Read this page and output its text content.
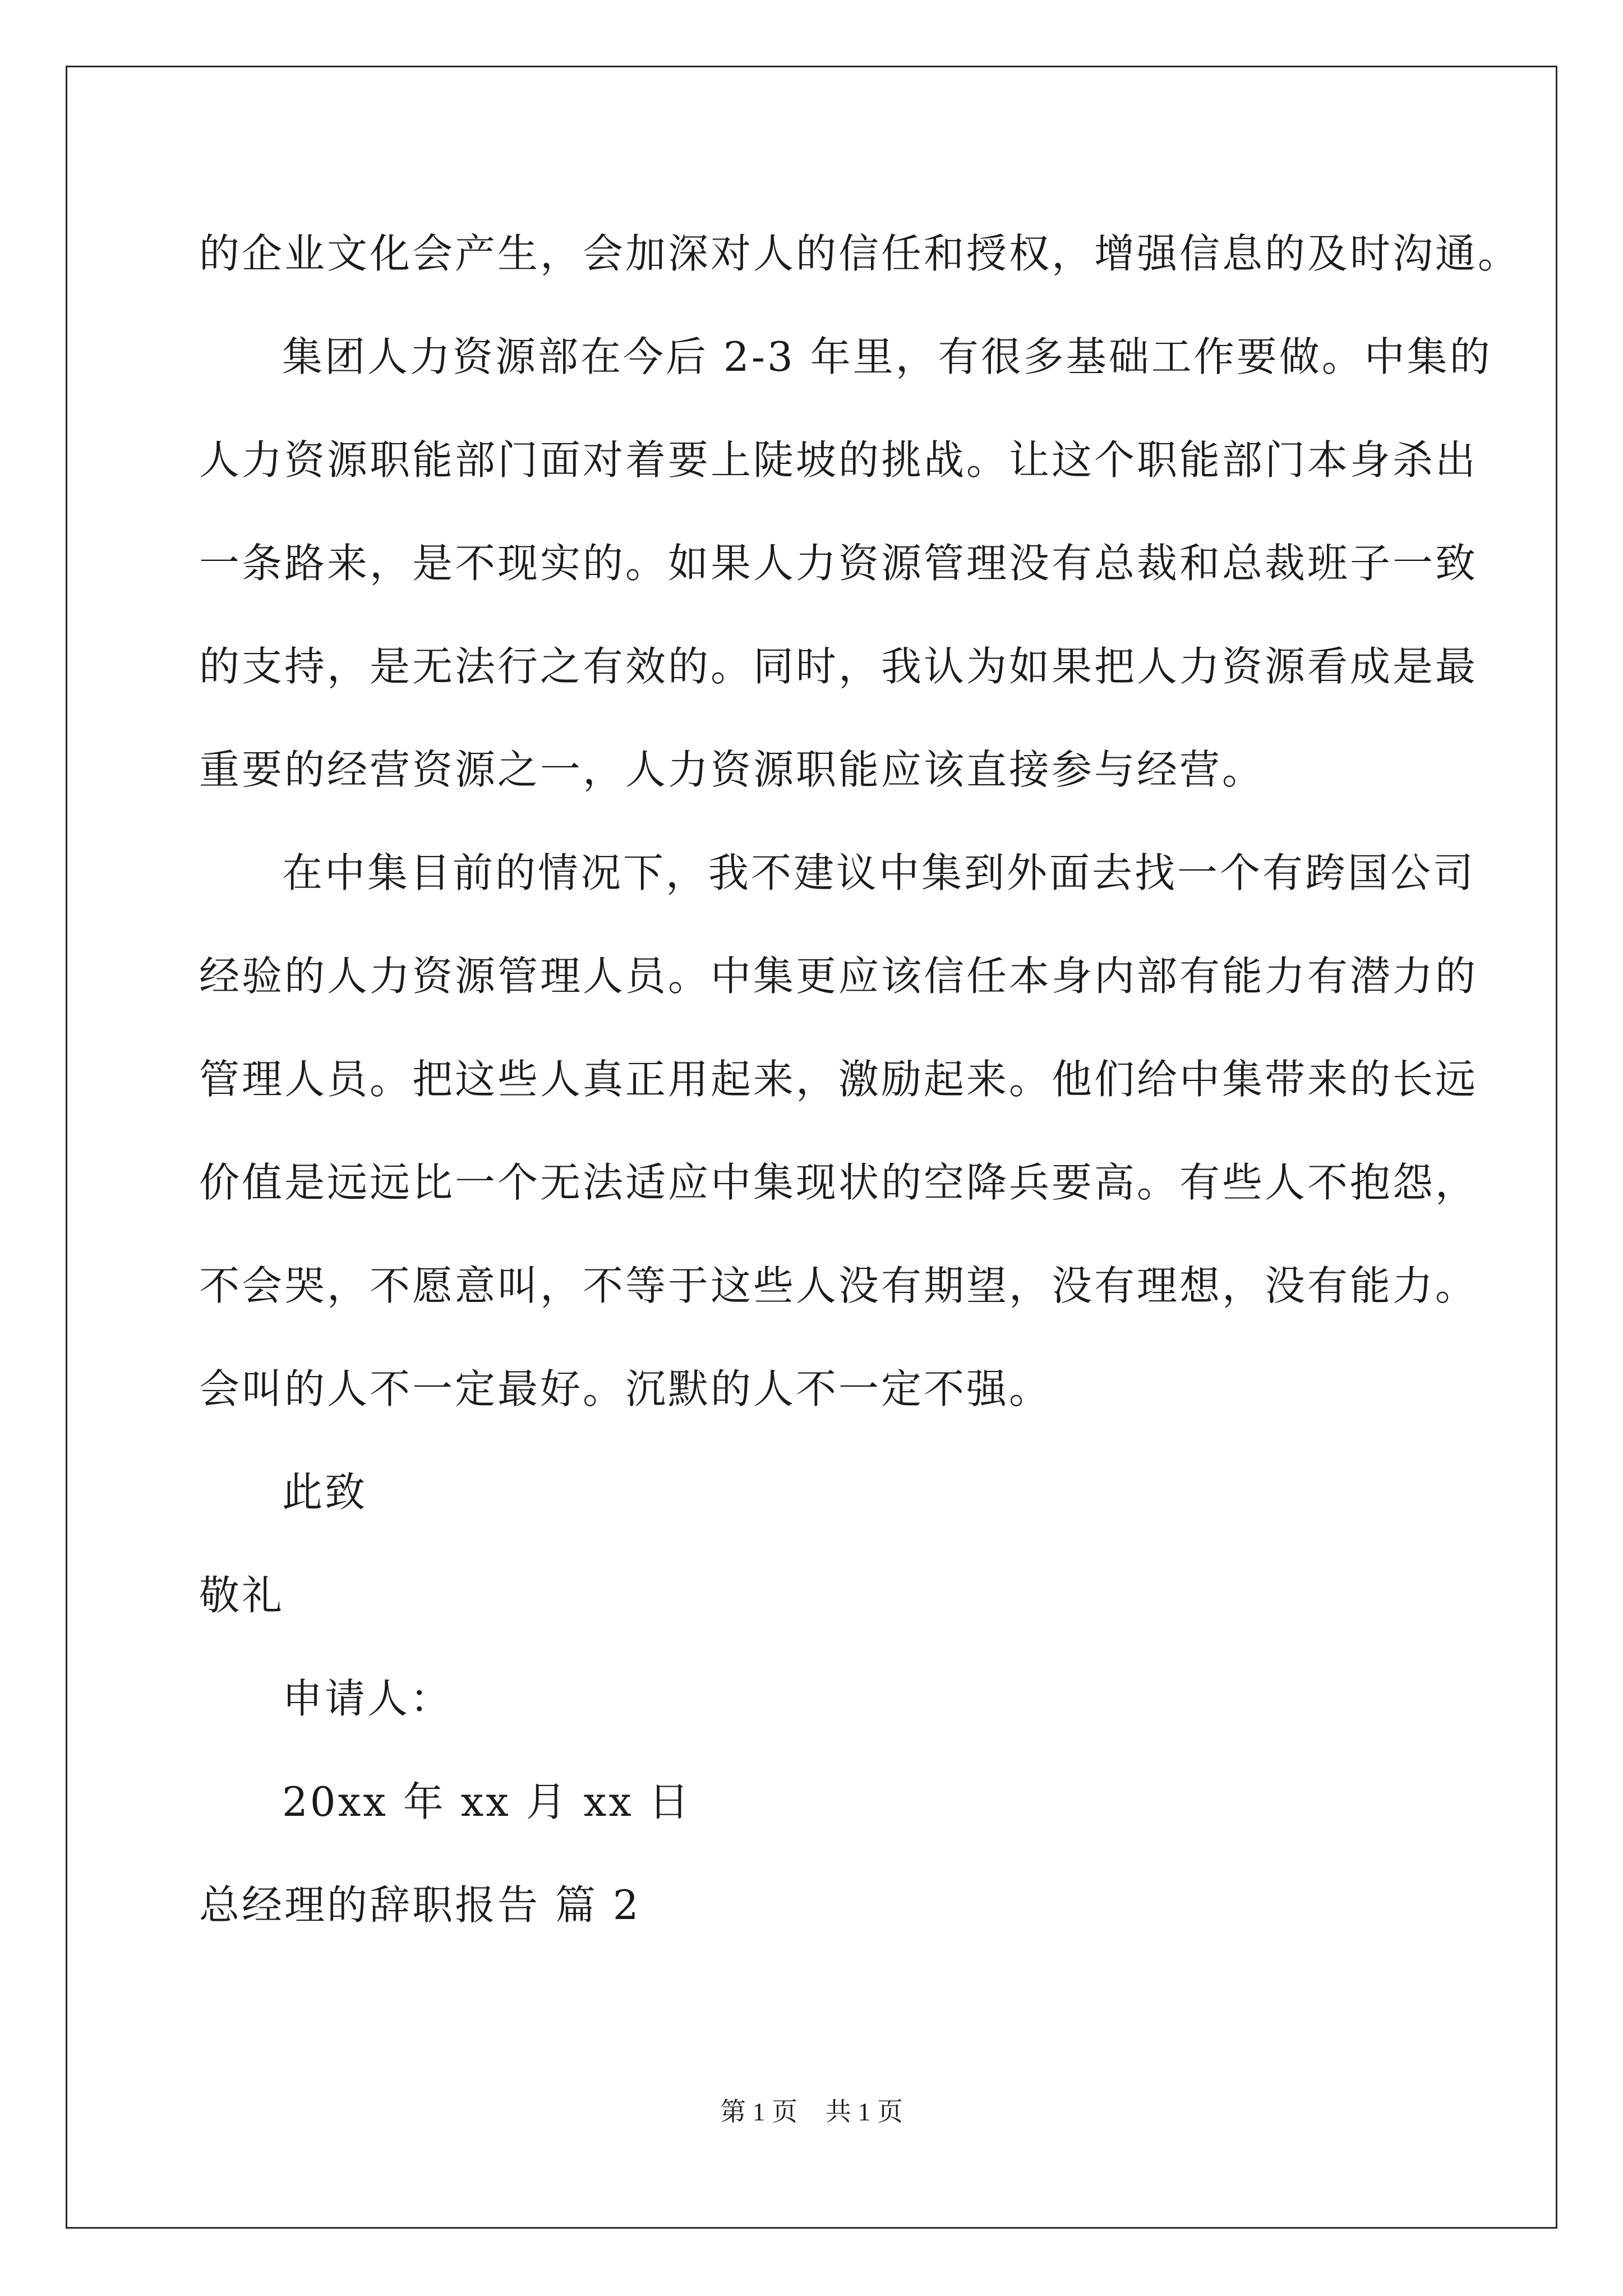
的企业文化会产生，会加深对人的信任和授权，增强信息的及时沟通。
集团人力资源部在今后 2-3 年里，有很多基础工作要做。中集的
人力资源职能部门面对着要上陡坡的挑战。让这个职能部门本身杀出
一条路来，是不现实的。如果人力资源管理没有总裁和总裁班子一致
的支持，是无法行之有效的。同时，我认为如果把人力资源看成是最
重要的经营资源之一，人力资源职能应该直接参与经营。
在中集目前的情况下，我不建议中集到外面去找一个有跨国公司
经验的人力资源管理人员。中集更应该信任本身内部有能力有潜力的
管理人员。把这些人真正用起来，激励起来。他们给中集带来的长远
价值是远远比一个无法适应中集现状的空降兵要高。有些人不抱怨，
不会哭，不愿意叫，不等于这些人没有期望，没有理想，没有能力。
会叫的人不一定最好。沉默的人不一定不强。
此致
敬礼
申请人：
20xx 年 xx 月 xx 日
总经理的辞职报告 篇 2
第 1 页 共 1 页
